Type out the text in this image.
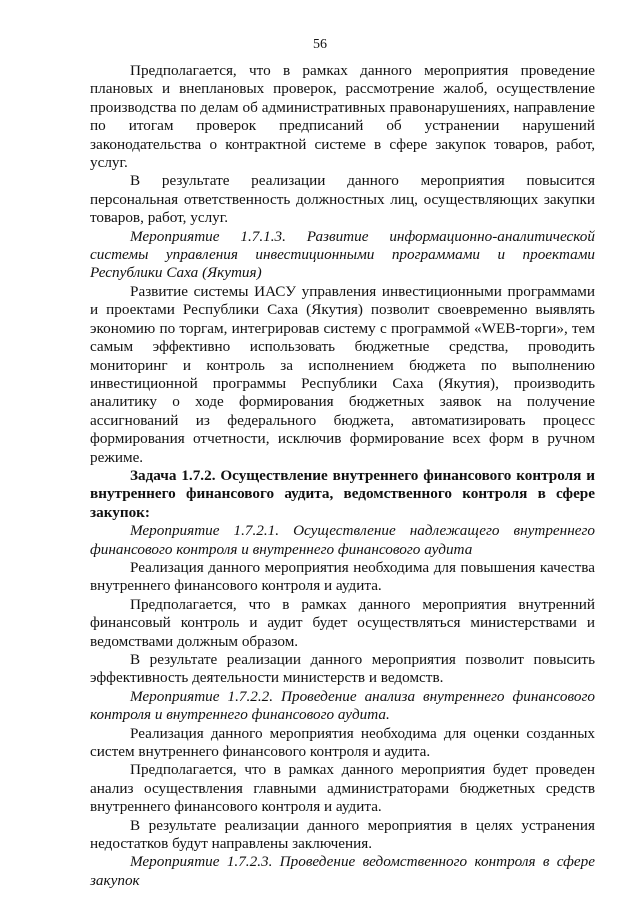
56

Предполагается, что в рамках данного мероприятия проведение плановых и внеплановых проверок, рассмотрение жалоб, осуществление производства по делам об административных правонарушениях, направление по итогам проверок предписаний об устранении нарушений законодательства о контрактной системе в сфере закупок товаров, работ, услуг.

В результате реализации данного мероприятия повысится персональная ответственность должностных лиц, осуществляющих закупки товаров, работ, услуг.

Мероприятие 1.7.1.3. Развитие информационно-аналитической системы управления инвестиционными программами и проектами Республики Саха (Якутия)

Развитие системы ИАСУ управления инвестиционными программами и проектами Республики Саха (Якутия) позволит своевременно выявлять экономию по торгам, интегрировав систему с программой «WEB-торги», тем самым эффективно использовать бюджетные средства, проводить мониторинг и контроль за исполнением бюджета по выполнению инвестиционной программы Республики Саха (Якутия), производить аналитику о ходе формирования бюджетных заявок на получение ассигнований из федерального бюджета, автоматизировать процесс формирования отчетности, исключив формирование всех форм в ручном режиме.

Задача 1.7.2. Осуществление внутреннего финансового контроля и внутреннего финансового аудита, ведомственного контроля в сфере закупок:

Мероприятие 1.7.2.1. Осуществление надлежащего внутреннего финансового контроля и внутреннего финансового аудита

Реализация данного мероприятия необходима для повышения качества внутреннего финансового контроля и аудита.

Предполагается, что в рамках данного мероприятия внутренний финансовый контроль и аудит будет осуществляться министерствами и ведомствами должным образом.

В результате реализации данного мероприятия позволит повысить эффективность деятельности министерств и ведомств.

Мероприятие 1.7.2.2. Проведение анализа внутреннего финансового контроля и внутреннего финансового аудита.

Реализация данного мероприятия необходима для оценки созданных систем внутреннего финансового контроля и аудита.

Предполагается, что в рамках данного мероприятия будет проведен анализ осуществления главными администраторами бюджетных средств внутреннего финансового контроля и аудита.

В результате реализации данного мероприятия в целях устранения недостатков будут направлены заключения.

Мероприятие 1.7.2.3. Проведение ведомственного контроля в сфере закупок
